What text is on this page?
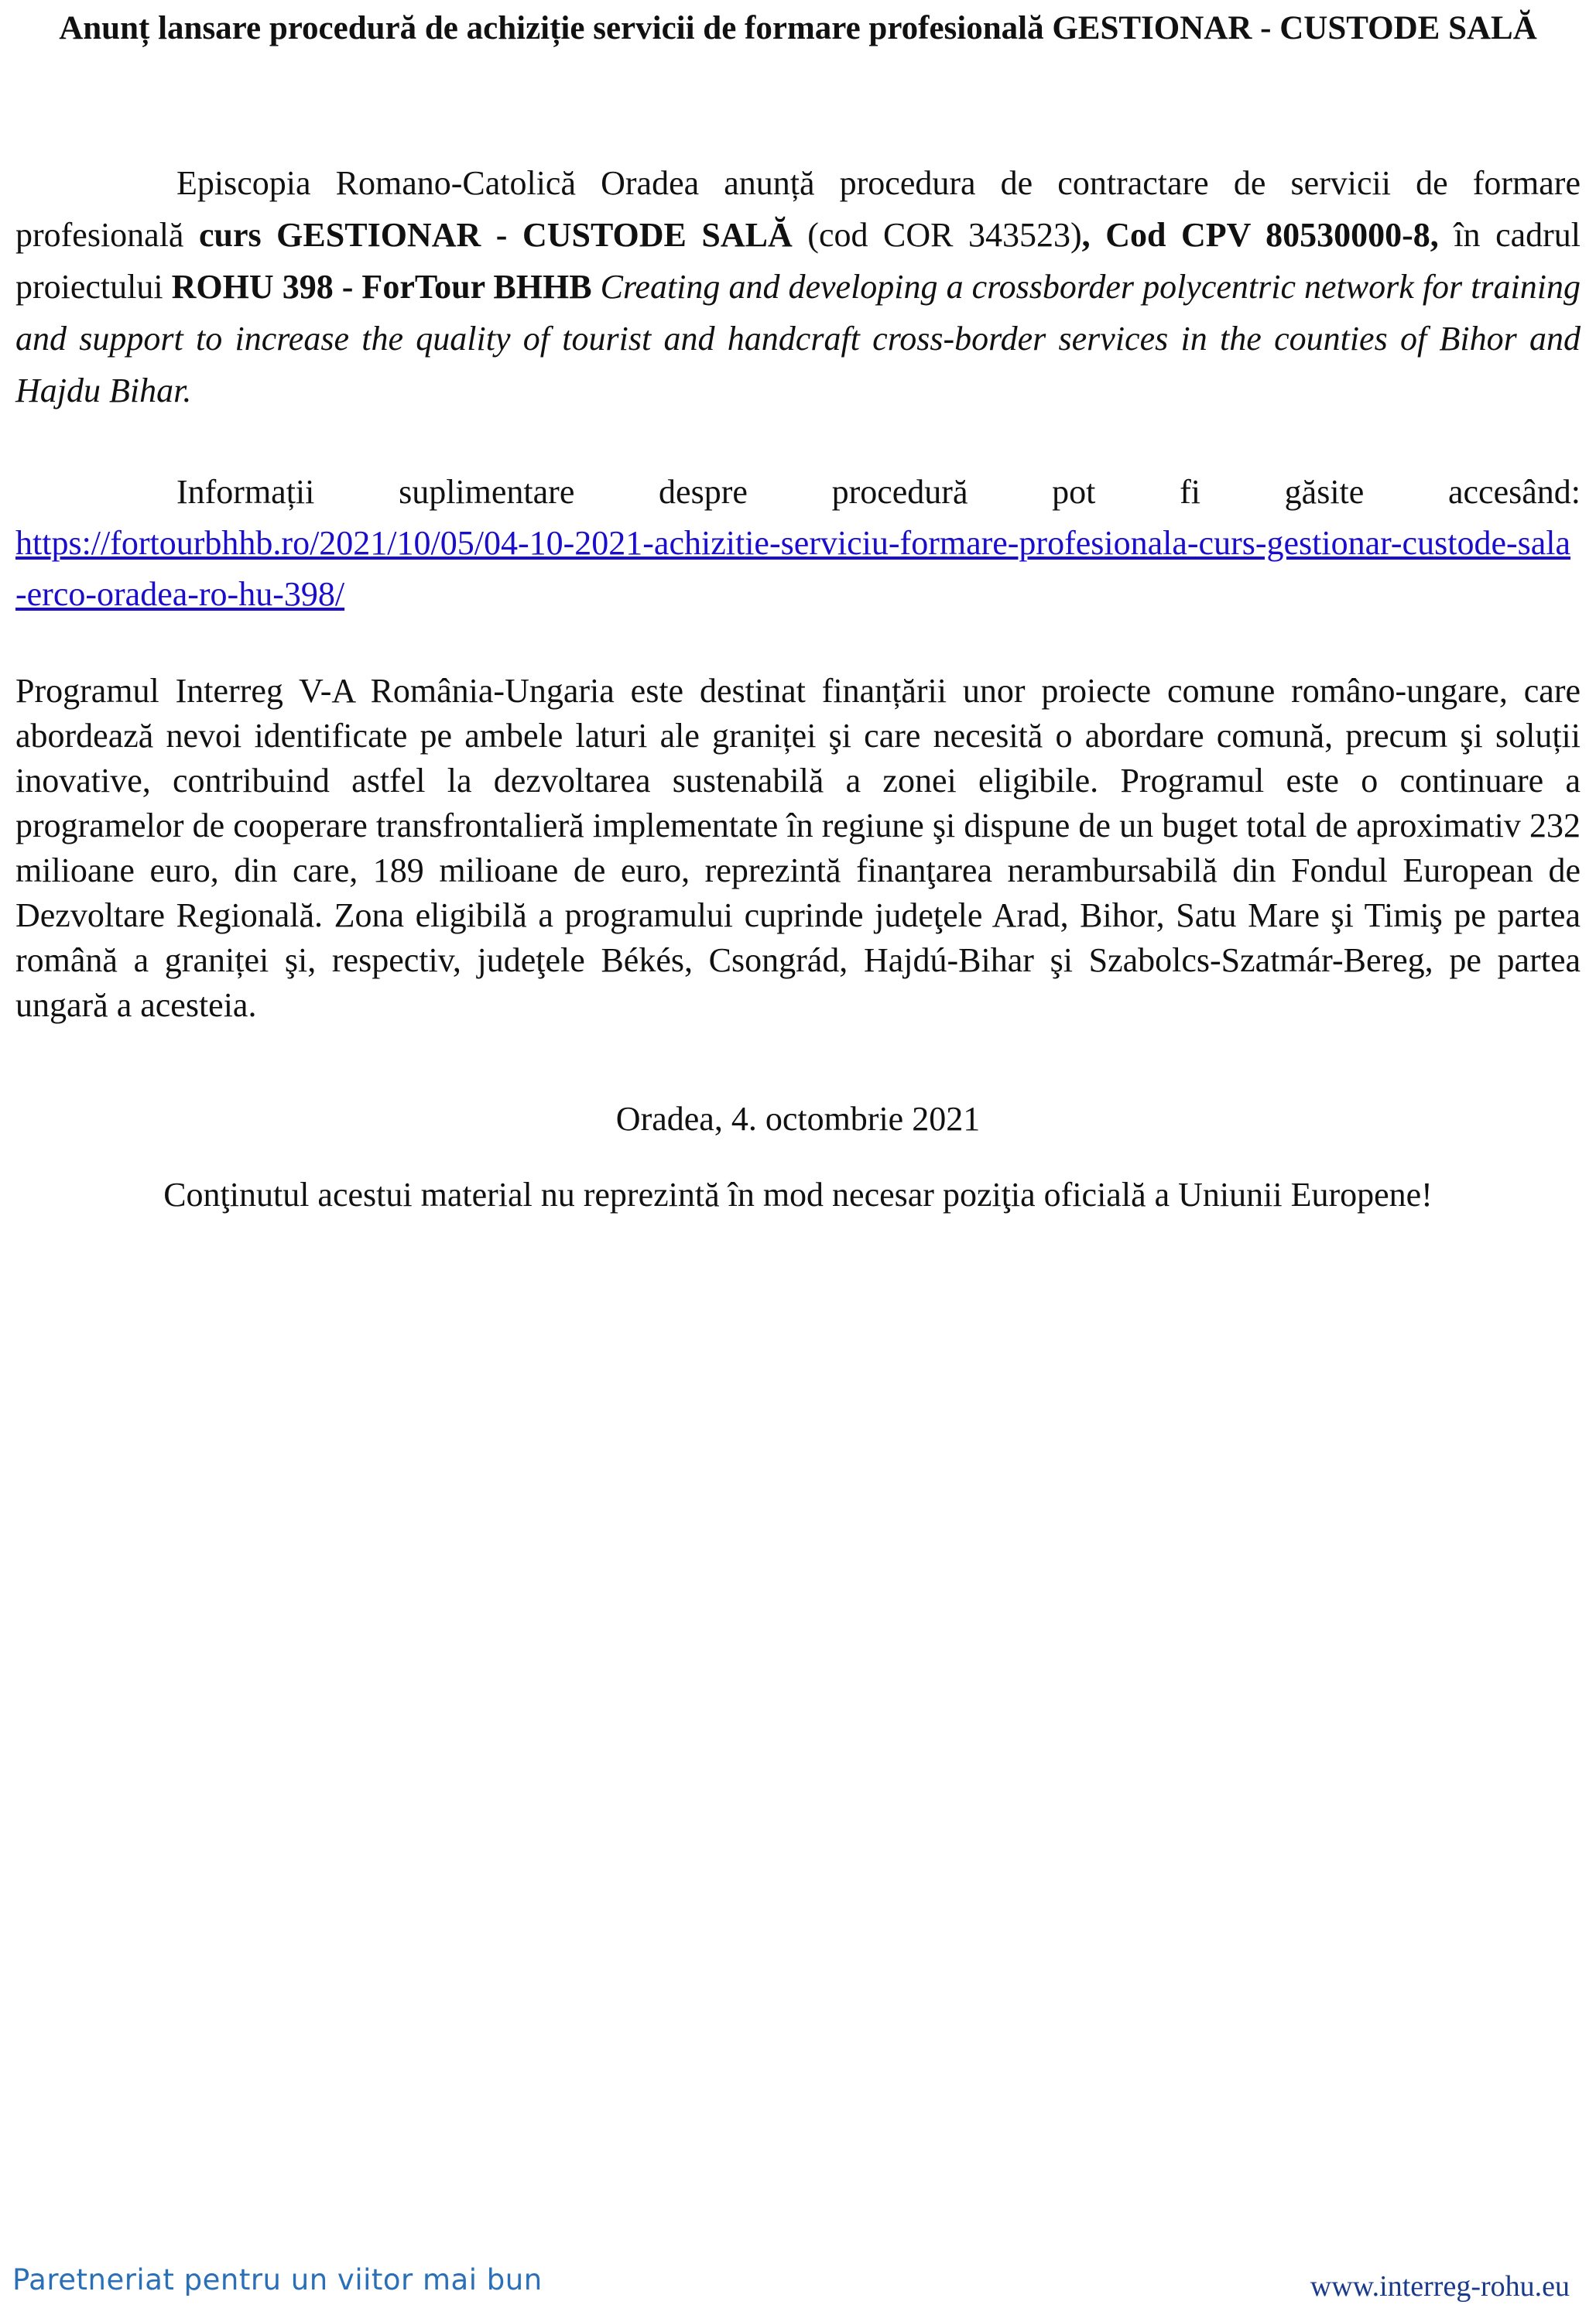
Anunț lansare procedură de achiziție servicii de formare profesională GESTIONAR - CUSTODE SALĂ

Episcopia Romano-Catolică Oradea anunță procedura de contractare de servicii de formare profesională curs GESTIONAR - CUSTODE SALĂ (cod COR 343523), Cod CPV 80530000-8, în cadrul proiectului ROHU 398 - ForTour BHHB Creating and developing a crossborder polycentric network for training and support to increase the quality of tourist and handcraft cross-border services in the counties of Bihor and Hajdu Bihar.

Informații suplimentare despre procedură pot fi găsite accesând:

https://fortourbhhb.ro/2021/10/05/04-10-2021-achizitie-serviciu-formare-profesionala-curs-gestionar-custode-sala-erco-oradea-ro-hu-398/

Programul Interreg V-A România-Ungaria este destinat finanțării unor proiecte comune româno-ungare, care abordează nevoi identificate pe ambele laturi ale graniței şi care necesită o abordare comună, precum şi soluții inovative, contribuind astfel la dezvoltarea sustenabilă a zonei eligibile. Programul este o continuare a programelor de cooperare transfrontalieră implementate în regiune şi dispune de un buget total de aproximativ 232 milioane euro, din care, 189 milioane de euro, reprezintă finanţarea nerambursabilă din Fondul European de Dezvoltare Regională. Zona eligibilă a programului cuprinde judeţele Arad, Bihor, Satu Mare şi Timiş pe partea română a graniței şi, respectiv, judeţele Békés, Csongrád, Hajdú-Bihar şi Szabolcs-Szatmár-Bereg, pe partea ungară a acesteia.

Oradea, 4. octombrie 2021

Conţinutul acestui material nu reprezintă în mod necesar poziţia oficială a Uniunii Europene!

Paretneriat pentru un viitor mai bun	www.interreg-rohu.eu
